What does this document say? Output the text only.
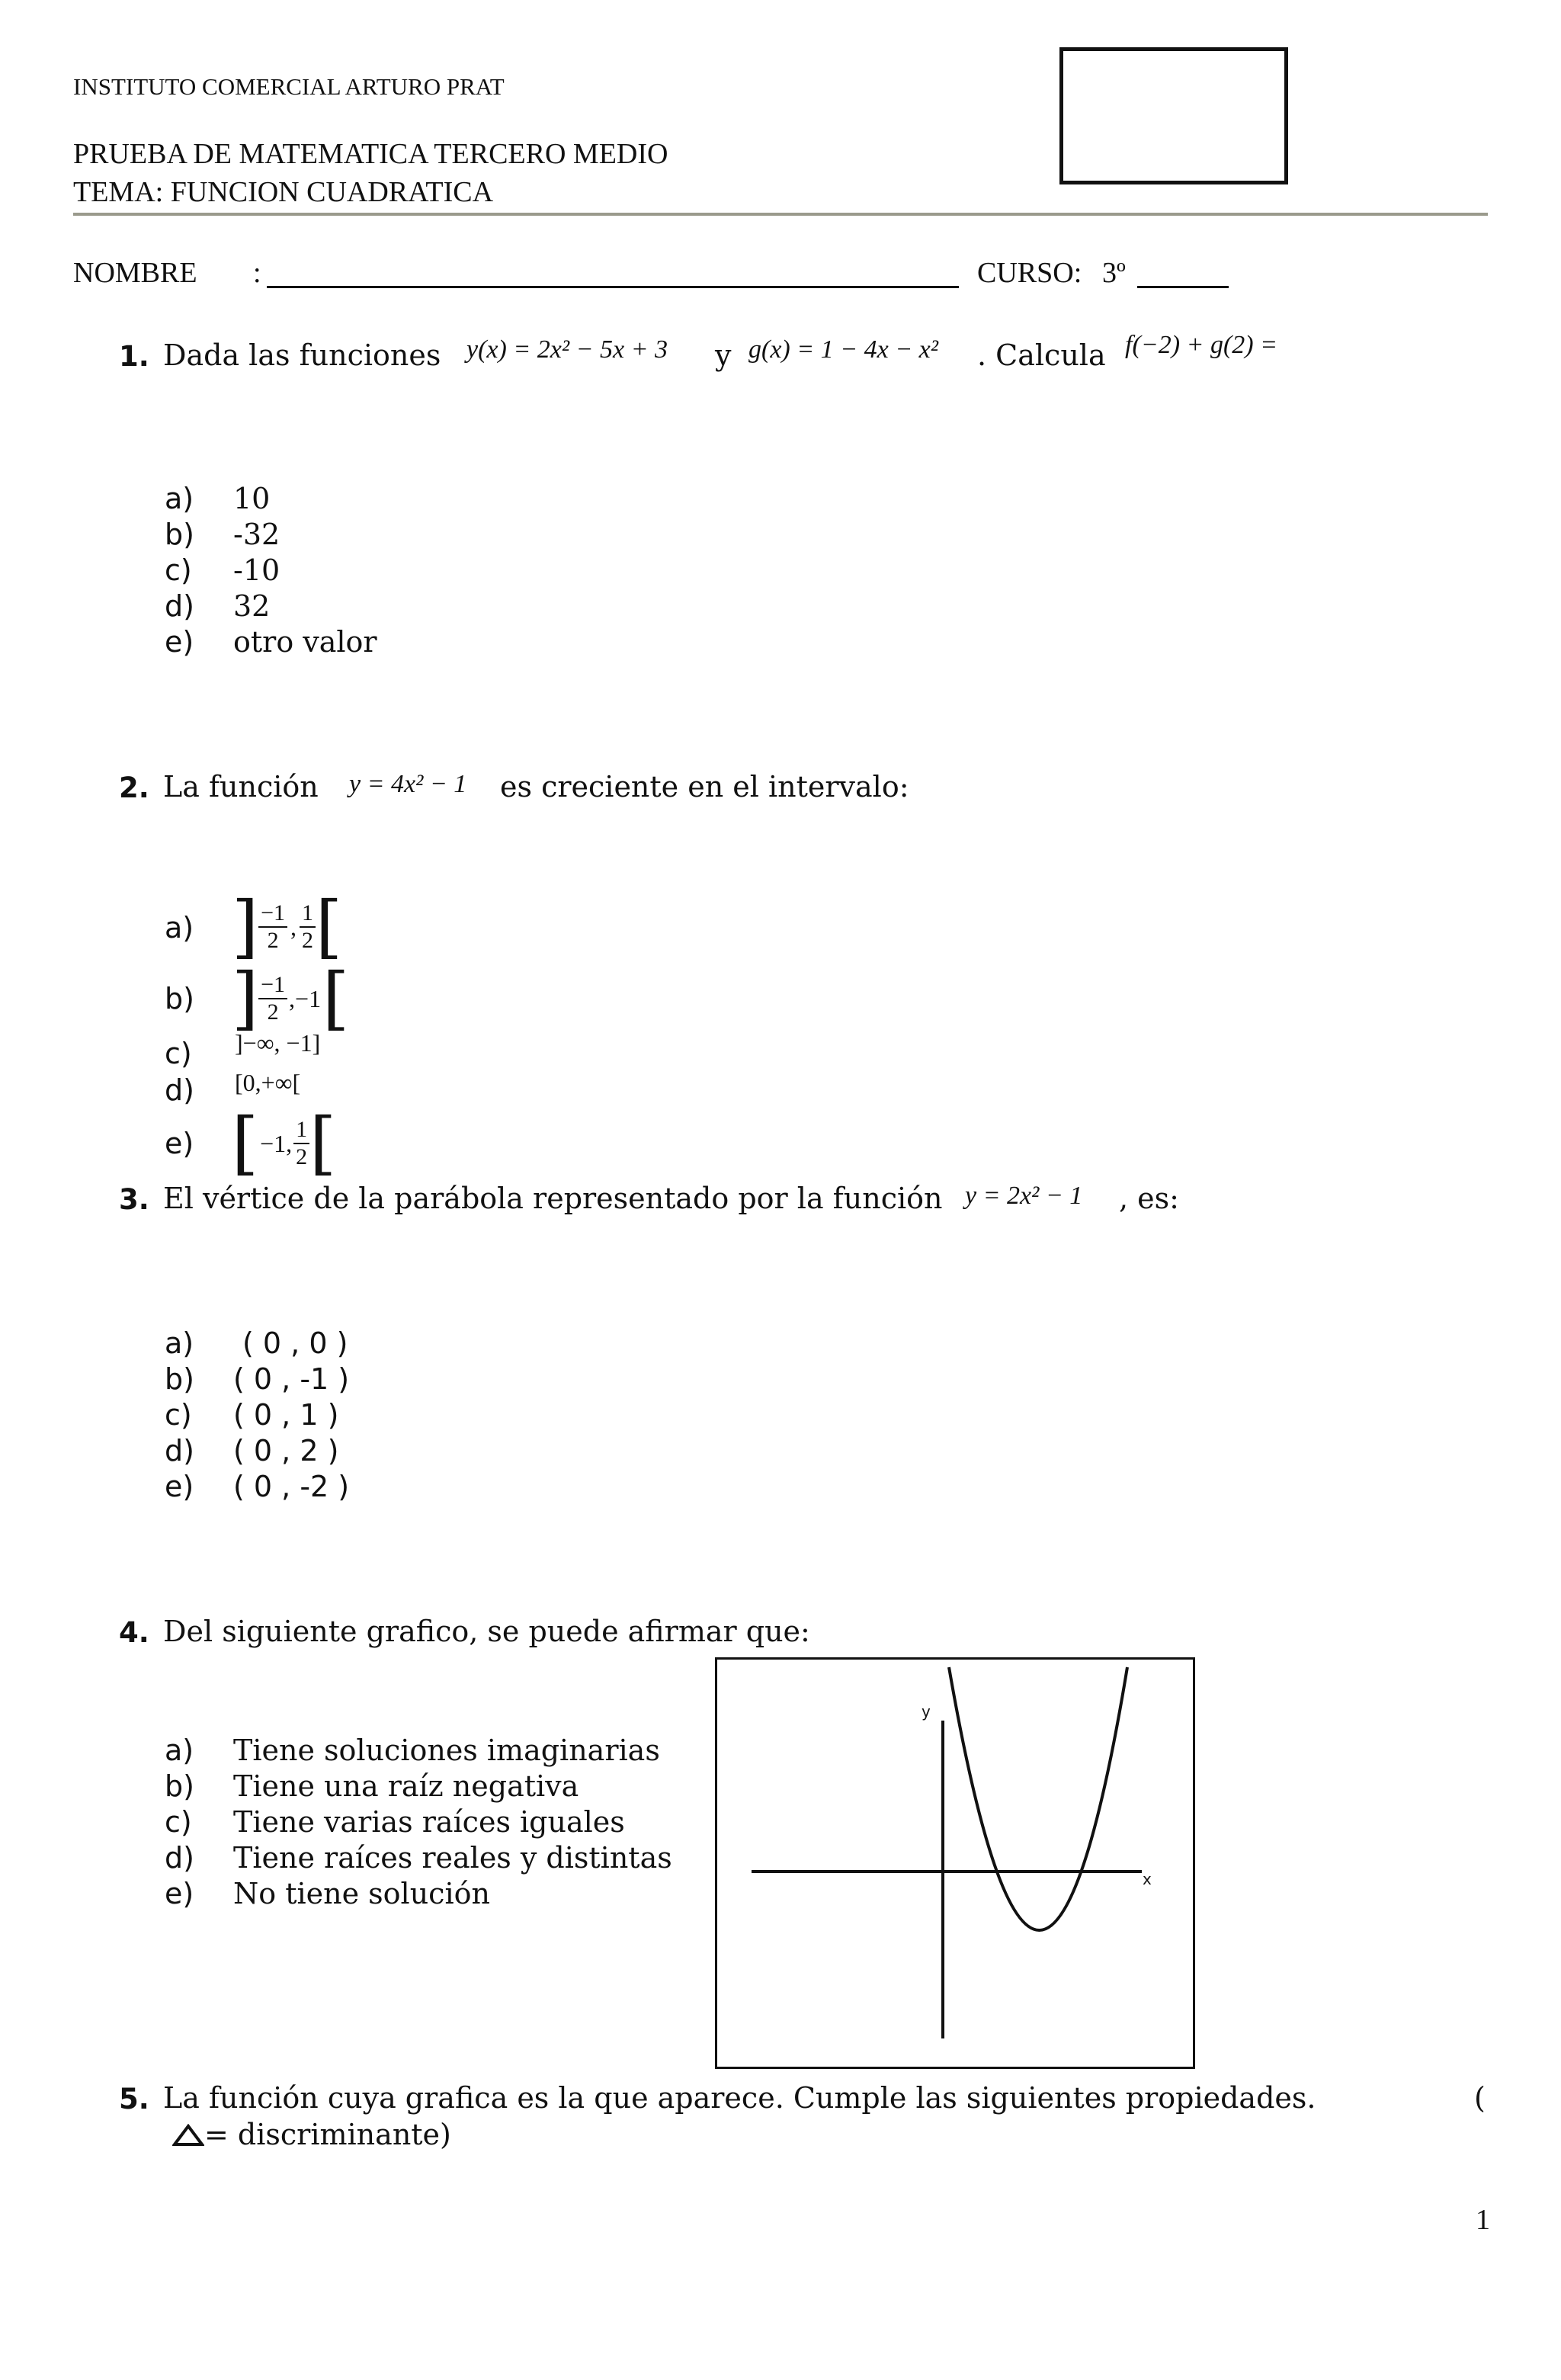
INSTITUTO COMERCIAL ARTURO PRAT
PRUEBA DE MATEMATICA TERCERO MEDIO
TEMA: FUNCION CUADRATICA
NOMBRE :	CURSO: 3º
1. Dada las funciones y(x) = 2x² − 5x + 3 y g(x) = 1 − 4x − x² . Calcula f(−2) + g(2) =
a) 10
b) -32
c) -10
d) 32
e) otro valor
2. La función y = 4x² − 1 es creciente en el intervalo:
a) ] $\frac{-1}{2}$ , $\frac{1}{2}$ [
b) ] $\frac{-1}{2} ,-1$ [
c) ]−∞, −1]
d) [0,+∞[
e) [ −1, $\frac{1}{2}$ [
3. El vértice de la parábola representado por la función y = 2x² − 1 , es:
a) ( 0 , 0 )
b) ( 0 , -1 )
c) ( 0 , 1 )
d) ( 0 , 2 )
e) ( 0 , -2 )
4. Del siguiente grafico, se puede afirmar que:
a) Tiene soluciones imaginarias
b) Tiene una raíz negativa
c) Tiene varias raíces iguales
d) Tiene raíces reales y distintas
e) No tiene solución
y
x
5. La función cuya grafica es la que aparece. Cumple las siguientes propiedades.	(
= discriminante)
1
